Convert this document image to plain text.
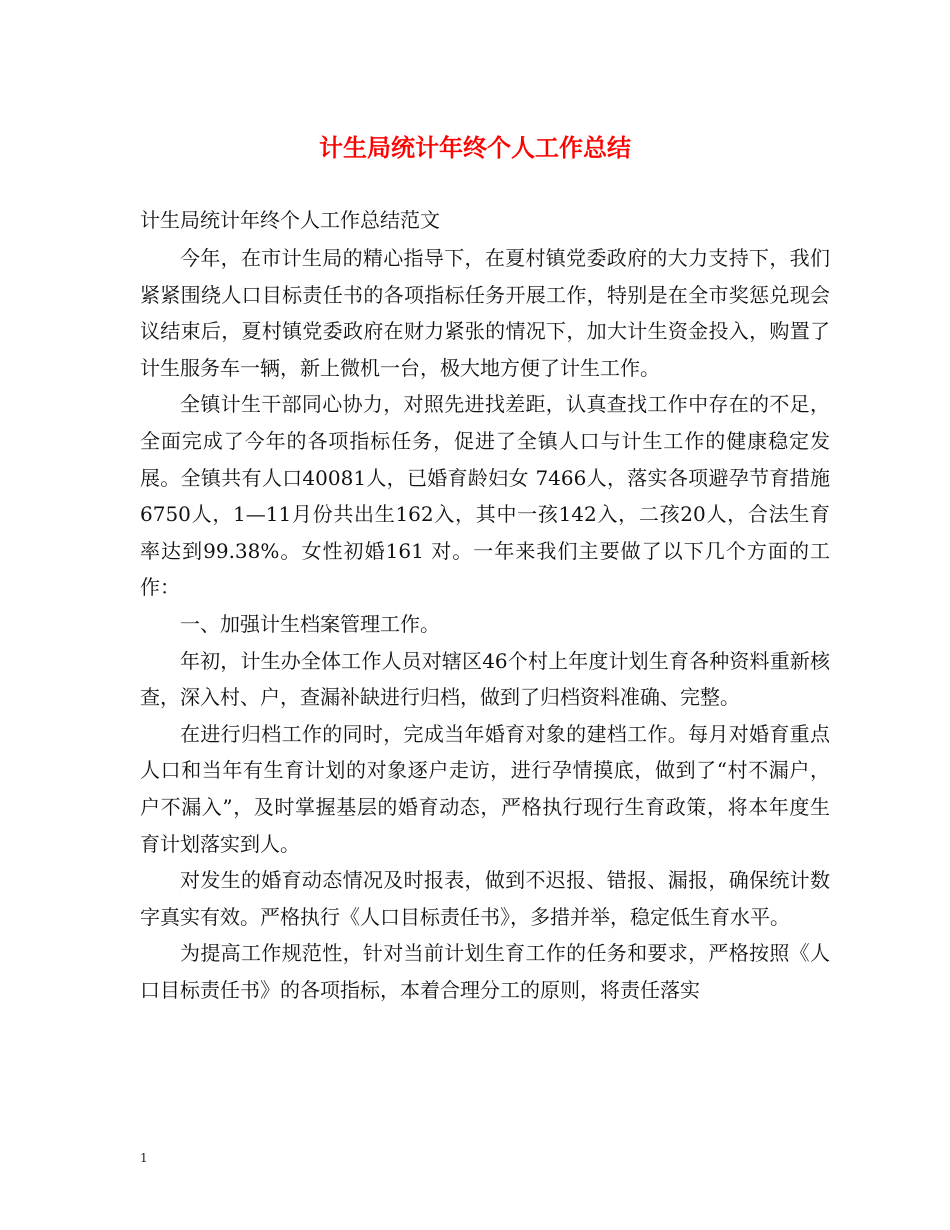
计生局统计年终个人工作总结

计生局统计年终个人工作总结范文

今年，在市计生局的精心指导下，在夏村镇党委政府的大力支持下，我们紧紧围绕人口目标责任书的各项指标任务开展工作，特别是在全市奖惩兑现会议结束后，夏村镇党委政府在财力紧张的情况下，加大计生资金投入，购置了计生服务车一辆，新上微机一台，极大地方便了计生工作。

全镇计生干部同心协力，对照先进找差距，认真查找工作中存在的不足，全面完成了今年的各项指标任务，促进了全镇人口与计生工作的健康稳定发展。全镇共有人口40081人，已婚育龄妇女 7466人，落实各项避孕节育措施6750人，1—11月份共出生162入，其中一孩142入，二孩20人，合法生育率达到99.38%。女性初婚161 对。一年来我们主要做了以下几个方面的工作：

一、加强计生档案管理工作。

年初，计生办全体工作人员对辖区46个村上年度计划生育各种资料重新核查，深入村、户，查漏补缺进行归档，做到了归档资料准确、完整。

在进行归档工作的同时，完成当年婚育对象的建档工作。每月对婚育重点人口和当年有生育计划的对象逐户走访，进行孕情摸底，做到了“村不漏户，户不漏入”，及时掌握基层的婚育动态，严格执行现行生育政策，将本年度生育计划落实到人。

对发生的婚育动态情况及时报表，做到不迟报、错报、漏报，确保统计数字真实有效。严格执行《人口目标责任书》，多措并举，稳定低生育水平。

为提高工作规范性，针对当前计划生育工作的任务和要求，严格按照《人口目标责任书》的各项指标，本着合理分工的原则，将责任落实

1
